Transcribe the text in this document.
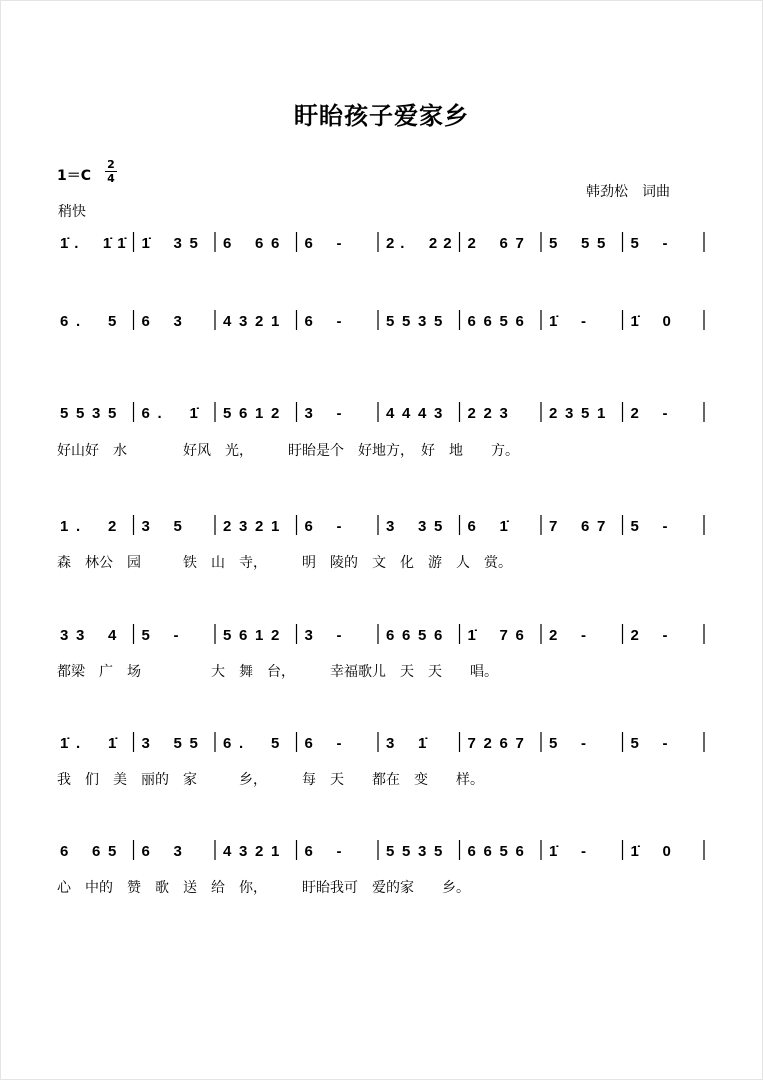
盱眙孩子爱家乡
1＝C
2
4
稍快
韩劲松　词曲
1̇ . 1̇ 1̇ 1̇ 3 5 6 6 6 6 -	2 . 2 2 2 6 7 5 5 5 5 -
6 . 5 6 3	4 3 2 1 6 -	5 5 3 5 6 6 5 6 1̇ -	1̇ 0
5 5 3 5 6 . 1̇ 5 6 1 2 3 -	4 4 4 3 2 2 3	2 3 5 1 2 -
1 . 2 3 5	2 3 2 1 6 -	3 3 5 6 1̇	7 6 7 5 -
3 3 4 5 -	5 6 1 2 3 -	6 6 5 6 1̇ 7 6 2 -	2 -
1̇ . 1̇ 3 5 5 6 . 5 6 -	3 1̇	7 2 6 7 5 -	5 -
6 6 5 6 3	4 3 2 1 6 -	5 5 3 5 6 6 5 6 1̇ -	1̇ 0
好山好　水　　　　好风　光，　　　盱眙是个　好地方，　好　地　　方。
森　林公　园　　　铁　山　寺，　　　明　陵的　文　化　游　人　赏。
都梁　广　场　　　　　大　舞　台，　　　幸福歌儿　天　天　　唱。
我　们　美　丽的　家　　　乡，　　　每　天　　都在　变　　样。
心　中的　赞　歌　送　给　你，　　　盱眙我可　爱的家　　乡。
